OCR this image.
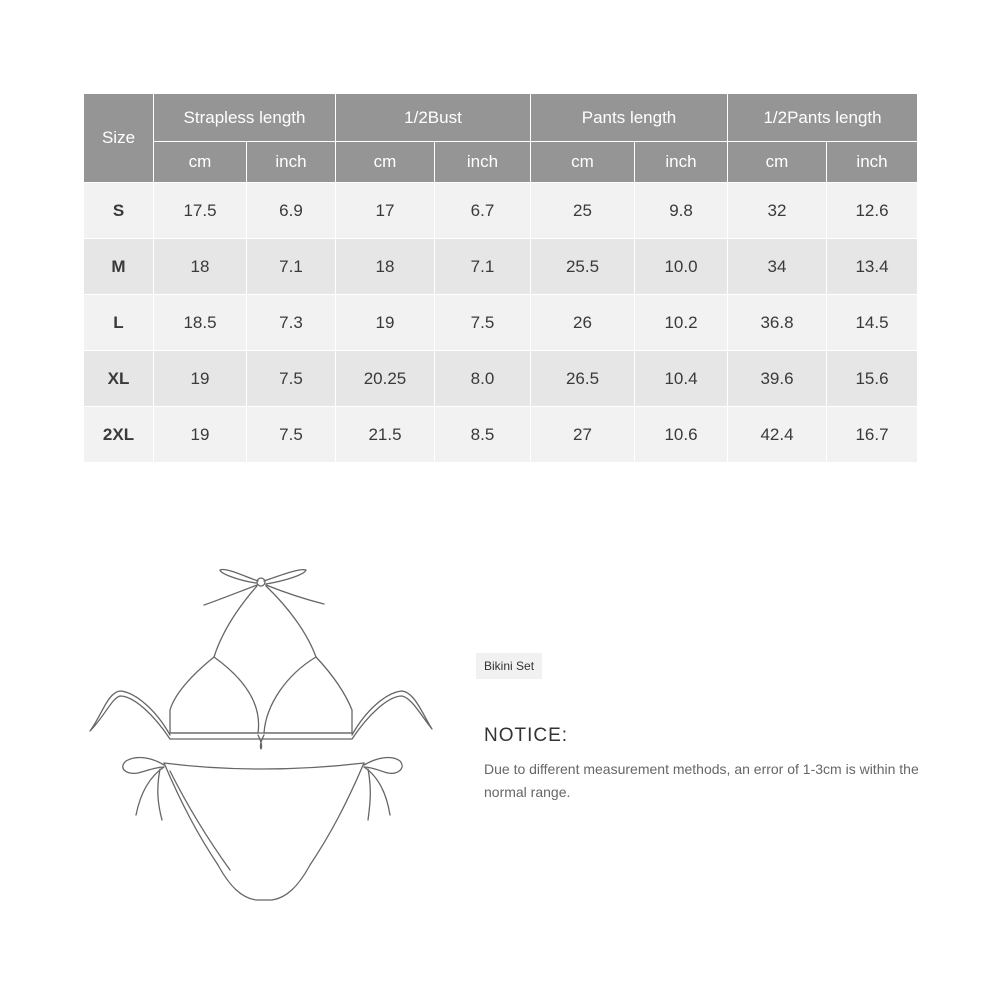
Size	Strapless length		1/2Bust		Pants length		1/2Pants length	
	cm	inch	cm	inch	cm	inch	cm	inch
S	17.5	6.9	17	6.7	25	9.8	32	12.6
M	18	7.1	18	7.1	25.5	10.0	34	13.4
L	18.5	7.3	19	7.5	26	10.2	36.8	14.5
XL	19	7.5	20.25	8.0	26.5	10.4	39.6	15.6
2XL	19	7.5	21.5	8.5	27	10.6	42.4	16.7
Bikini Set
NOTICE:
Due to different measurement methods, an error of 1-3cm is within the normal range.
